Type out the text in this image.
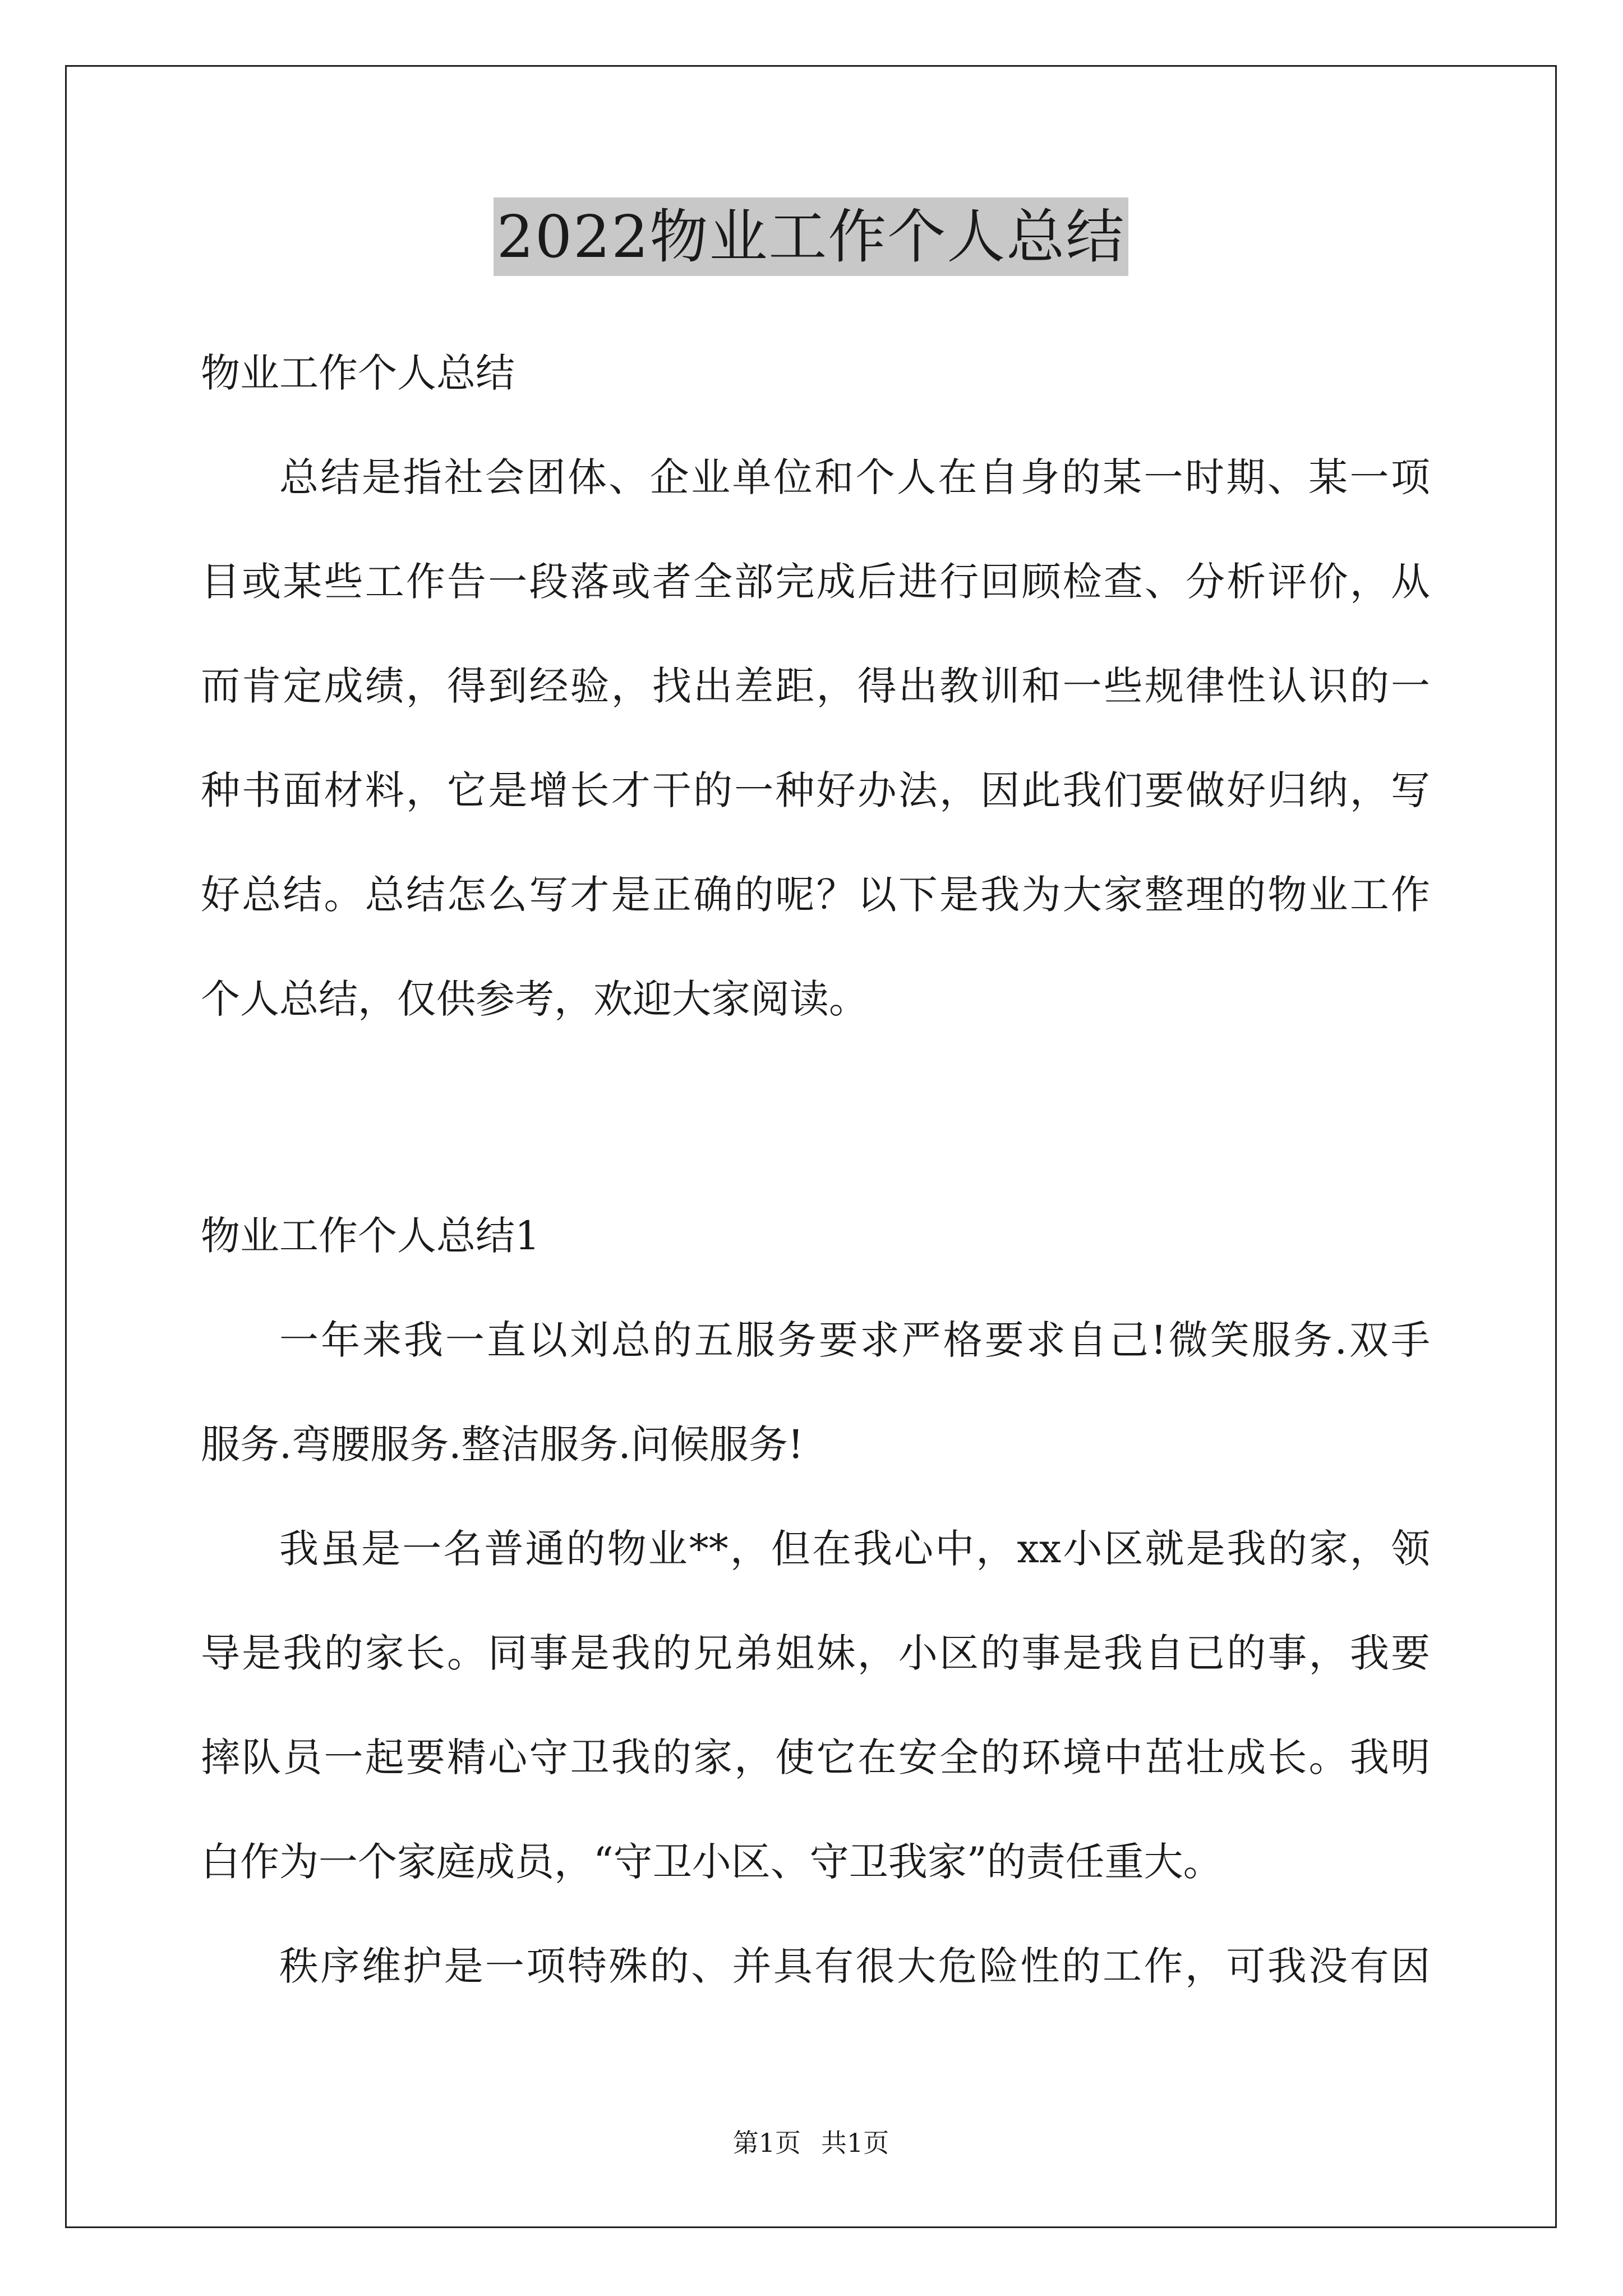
2022物业工作个人总结
物业工作个人总结
总结是指社会团体、企业单位和个人在自身的某一时期、某一项
目或某些工作告一段落或者全部完成后进行回顾检查、分析评价，从
而肯定成绩，得到经验，找出差距，得出教训和一些规律性认识的一
种书面材料，它是增长才干的一种好办法，因此我们要做好归纳，写
好总结。总结怎么写才是正确的呢？以下是我为大家整理的物业工作
个人总结，仅供参考，欢迎大家阅读。
物业工作个人总结1
一年来我一直以刘总的五服务要求严格要求自己!微笑服务.双手
服务.弯腰服务.整洁服务.问候服务!
我虽是一名普通的物业**，但在我心中，xx小区就是我的家，领
导是我的家长。同事是我的兄弟姐妹，小区的事是我自已的事，我要
摔队员一起要精心守卫我的家，使它在安全的环境中茁壮成长。我明
白作为一个家庭成员，“守卫小区、守卫我家”的责任重大。
秩序维护是一项特殊的、并具有很大危险性的工作，可我没有因
第1页 共1页
